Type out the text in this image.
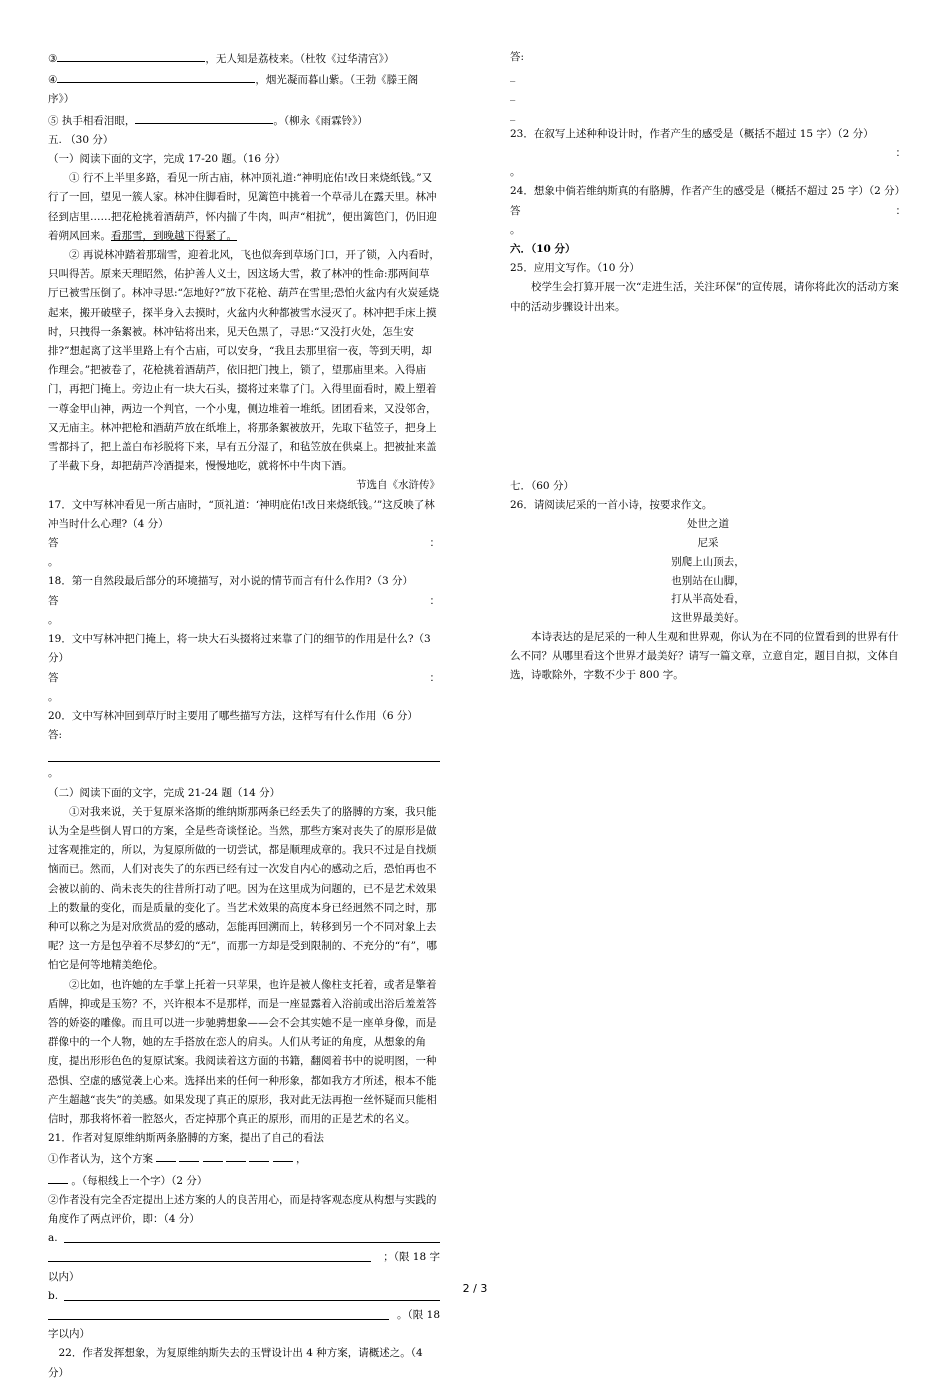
③	，无人知是荔枝来。（杜牧《过华清宫》）

④	，烟光凝而暮山紫。（王勃《滕王阁

序》）

⑤ 执手相看泪眼，	。（柳永《雨霖铃》）

五. （30 分）

（一）阅读下面的文字，完成 17-20 题。（16 分）

① 行不上半里多路，看见一所古庙，林冲顶礼道:“神明庇佑!改日来烧纸钱。”又行了一回，望见一簇人家。林冲住脚看时，见篱笆中挑着一个草帚儿在露天里。林冲径到店里……把花枪挑着酒葫芦，怀内揣了牛肉，叫声“相扰”，便出篱笆门，仍旧迎着朔风回来。看那雪，到晚越下得紧了。

② 再说林冲踏着那瑞雪，迎着北风，飞也似奔到草场门口，开了锁，入内看时，只叫得苦。原来天理昭然，佑护善人义士，因这场大雪，救了林冲的性命:那两间草厅已被雪压倒了。林冲寻思:“怎地好?”放下花枪、葫芦在雪里;恐怕火盆内有火炭延烧起来，搬开破壁子，探半身入去摸时，火盆内火种都被雪水浸灭了。林冲把手床上摸时，只拽得一条絮被。林冲钻将出来，见天色黑了，寻思:“又没打火处，怎生安排?”想起离了这半里路上有个古庙，可以安身，“我且去那里宿一夜，等到天明，却作理会。”把被卷了，花枪挑着酒葫芦，依旧把门拽上，锁了，望那庙里来。入得庙门，再把门掩上。旁边止有一块大石头，掇将过来靠了门。入得里面看时，殿上塑着一尊金甲山神，两边一个判官，一个小鬼，侧边堆着一堆纸。团团看来，又没邻舍，又无庙主。林冲把枪和酒葫芦放在纸堆上，将那条絮被放开，先取下毡笠子，把身上雪都抖了，把上盖白布衫脱将下来，早有五分湿了，和毡笠放在供桌上。把被扯来盖了半截下身，却把葫芦冷酒提来，慢慢地吃，就将怀中牛肉下酒。

节选自《水浒传》

17．文中写林冲看见一所古庙时，“顶礼道：‘神明庇佑!改日来烧纸钱。’”这反映了林冲当时什么心理?（4 分）

答	：

。

18．第一自然段最后部分的环境描写，对小说的情节而言有什么作用?（3 分）

答	：

。

19．文中写林冲把门掩上，将一块大石头掇将过来靠了门的细节的作用是什么?（3 分）

答	：

。

20．文中写林冲回到草厅时主要用了哪些描写方法，这样写有什么作用（6 分）

答:

。

（二）阅读下面的文字，完成 21-24 题（14 分）

①对我来说，关于复原米洛斯的维纳斯那两条已经丢失了的胳膊的方案，我只能认为全是些倒人胃口的方案，全是些奇谈怪论。当然，那些方案对丧失了的原形是做过客观推定的，所以，为复原所做的一切尝试，都是顺理成章的。我只不过是自找烦恼而已。然而，人们对丧失了的东西已经有过一次发自内心的感动之后，恐怕再也不会被以前的、尚未丧失的往昔所打动了吧。因为在这里成为问题的，已不是艺术效果上的数量的变化，而是质量的变化了。当艺术效果的高度本身已经迥然不同之时，那种可以称之为是对欣赏品的爱的感动，怎能再回溯而上，转移到另一个不同对象上去呢？这一方是包孕着不尽梦幻的“无”，而那一方却是受到限制的、不充分的“有”，哪怕它是何等地精美绝伦。

②比如，也许她的左手掌上托着一只苹果，也许是被人像柱支托着，或者是擎着盾牌，抑或是玉笏？不，兴许根本不是那样，而是一座显露着入浴前或出浴后羞羞答答的娇姿的雕像。而且可以进一步驰骋想象——会不会其实她不是一座单身像，而是群像中的一个人物，她的左手搭放在恋人的肩头。人们从考证的角度，从想象的角度，提出形形色色的复原试案。我阅读着这方面的书籍，翻阅着书中的说明图，一种恐惧、空虚的感觉袭上心来。选择出来的任何一种形象，都如我方才所述，根本不能产生超越“丧失”的美感。如果发现了真正的原形，我对此无法再抱一丝怀疑而只能相信时，那我将怀着一腔怒火，否定掉那个真正的原形，而用的正是艺术的名义。

21．作者对复原维纳斯两条胳膊的方案，提出了自己的看法

①作者认为，这个方案	，

。（每根线上一个字）（2 分）

②作者没有完全否定提出上述方案的人的良苦用心，而是持客观态度从构想与实践的角度作了两点评价，即：（4 分）

a.

；（限 18 字

以内）

b.

。（限 18

字以内）

22．作者发挥想象，为复原维纳斯失去的玉臂设计出 4 种方案，请概述之。（4 分）

答:

_

_

_

23．在叙写上述种种设计时，作者产生的感受是（概括不超过 15 字）（2 分）

：

。

24．想象中倘若维纳斯真的有胳膊，作者产生的感受是（概括不超过 25 字）（2 分）

答	：

。

六．（10 分）

25．应用文写作。（10 分）

校学生会打算开展一次“走进生活，关注环保”的宣传展，请你将此次的活动方案中的活动步骤设计出来。

七．（60 分）

26．请阅读尼采的一首小诗，按要求作文。

处世之道

尼采

别爬上山顶去，

也别站在山脚，

打从半高处看，

这世界最美好。

本诗表达的是尼采的一种人生观和世界观，你认为在不同的位置看到的世界有什么不同？从哪里看这个世界才最美好？请写一篇文章，立意自定，题目自拟，文体自选，诗歌除外，字数不少于 800 字。

2 / 3
